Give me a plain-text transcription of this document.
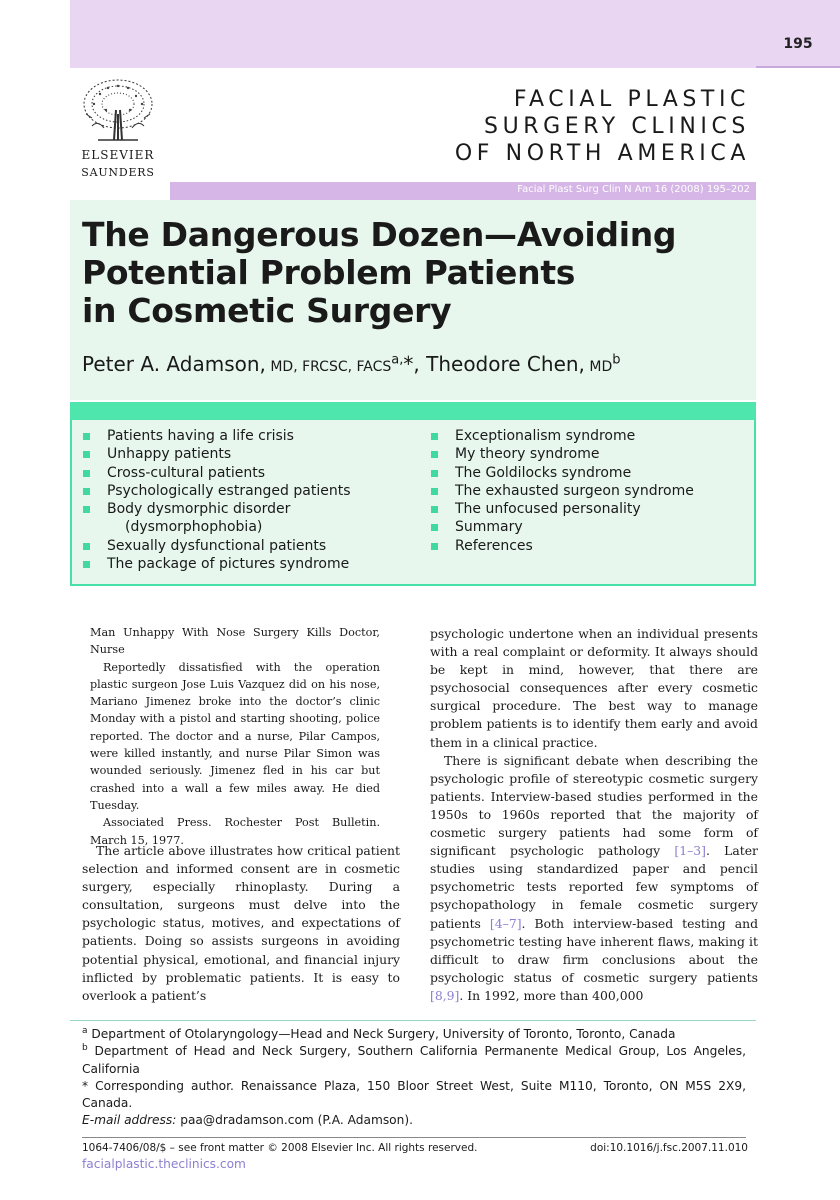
195
ELSEVIER
SAUNDERS
FACIAL PLASTIC
SURGERY CLINICS
OF NORTH AMERICA
Facial Plast Surg Clin N Am 16 (2008) 195–202
The Dangerous Dozen—Avoiding
Potential Problem Patients
in Cosmetic Surgery
Peter A. Adamson, MD, FRCSC, $FACS^{a,}*$, Theodore Chen, $MD^b$
Patients having a life crisis
Unhappy patients
Cross-cultural patients
Psychologically estranged patients
Body dysmorphic disorder
(dysmorphophobia)
Sexually dysfunctional patients
The package of pictures syndrome
Exceptionalism syndrome
My theory syndrome
The Goldilocks syndrome
The exhausted surgeon syndrome
The unfocused personality
Summary
References

Man Unhappy With Nose Surgery Kills Doctor, Nurse

Reportedly dissatisfied with the operation plastic surgeon Jose Luis Vazquez did on his nose, Mariano Jimenez broke into the doctor’s clinic Monday with a pistol and starting shooting, police reported. The doctor and a nurse, Pilar Campos, were killed instantly, and nurse Pilar Simon was wounded seriously. Jimenez fled in his car but crashed into a wall a few miles away. He died Tuesday.

Associated Press. Rochester Post Bulletin. March 15, 1977.

The article above illustrates how critical patient selection and informed consent are in cosmetic surgery, especially rhinoplasty. During a consultation, surgeons must delve into the psychologic status, motives, and expectations of patients. Doing so assists surgeons in avoiding potential physical, emotional, and financial injury inflicted by problematic patients. It is easy to overlook a patient’s

psychologic undertone when an individual presents with a real complaint or deformity. It always should be kept in mind, however, that there are psychosocial consequences after every cosmetic surgical procedure. The best way to manage problem patients is to identify them early and avoid them in a clinical practice.

There is significant debate when describing the psychologic profile of stereotypic cosmetic surgery patients. Interview-based studies performed in the 1950s to 1960s reported that the majority of cosmetic surgery patients had some form of significant psychologic pathology [1–3]. Later studies using standardized paper and pencil psychometric tests reported few symptoms of psychopathology in female cosmetic surgery patients [4–7]. Both interview-based testing and psychometric testing have inherent flaws, making it difficult to draw firm conclusions about the psychologic status of cosmetic surgery patients [8,9]. In 1992, more than 400,000

$^a$ Department of Otolaryngology—Head and Neck Surgery, University of Toronto, Toronto, Canada

$^b$ Department of Head and Neck Surgery, Southern California Permanente Medical Group, Los Angeles, California

* Corresponding author. Renaissance Plaza, 150 Bloor Street West, Suite M110, Toronto, ON M5S 2X9, Canada.

E-mail address: paa@dradamson.com (P.A. Adamson).

1064-7406/08/$ – see front matter © 2008 Elsevier Inc. All rights reserved.
facialplastic.theclinics.com
doi:10.1016/j.fsc.2007.11.010
